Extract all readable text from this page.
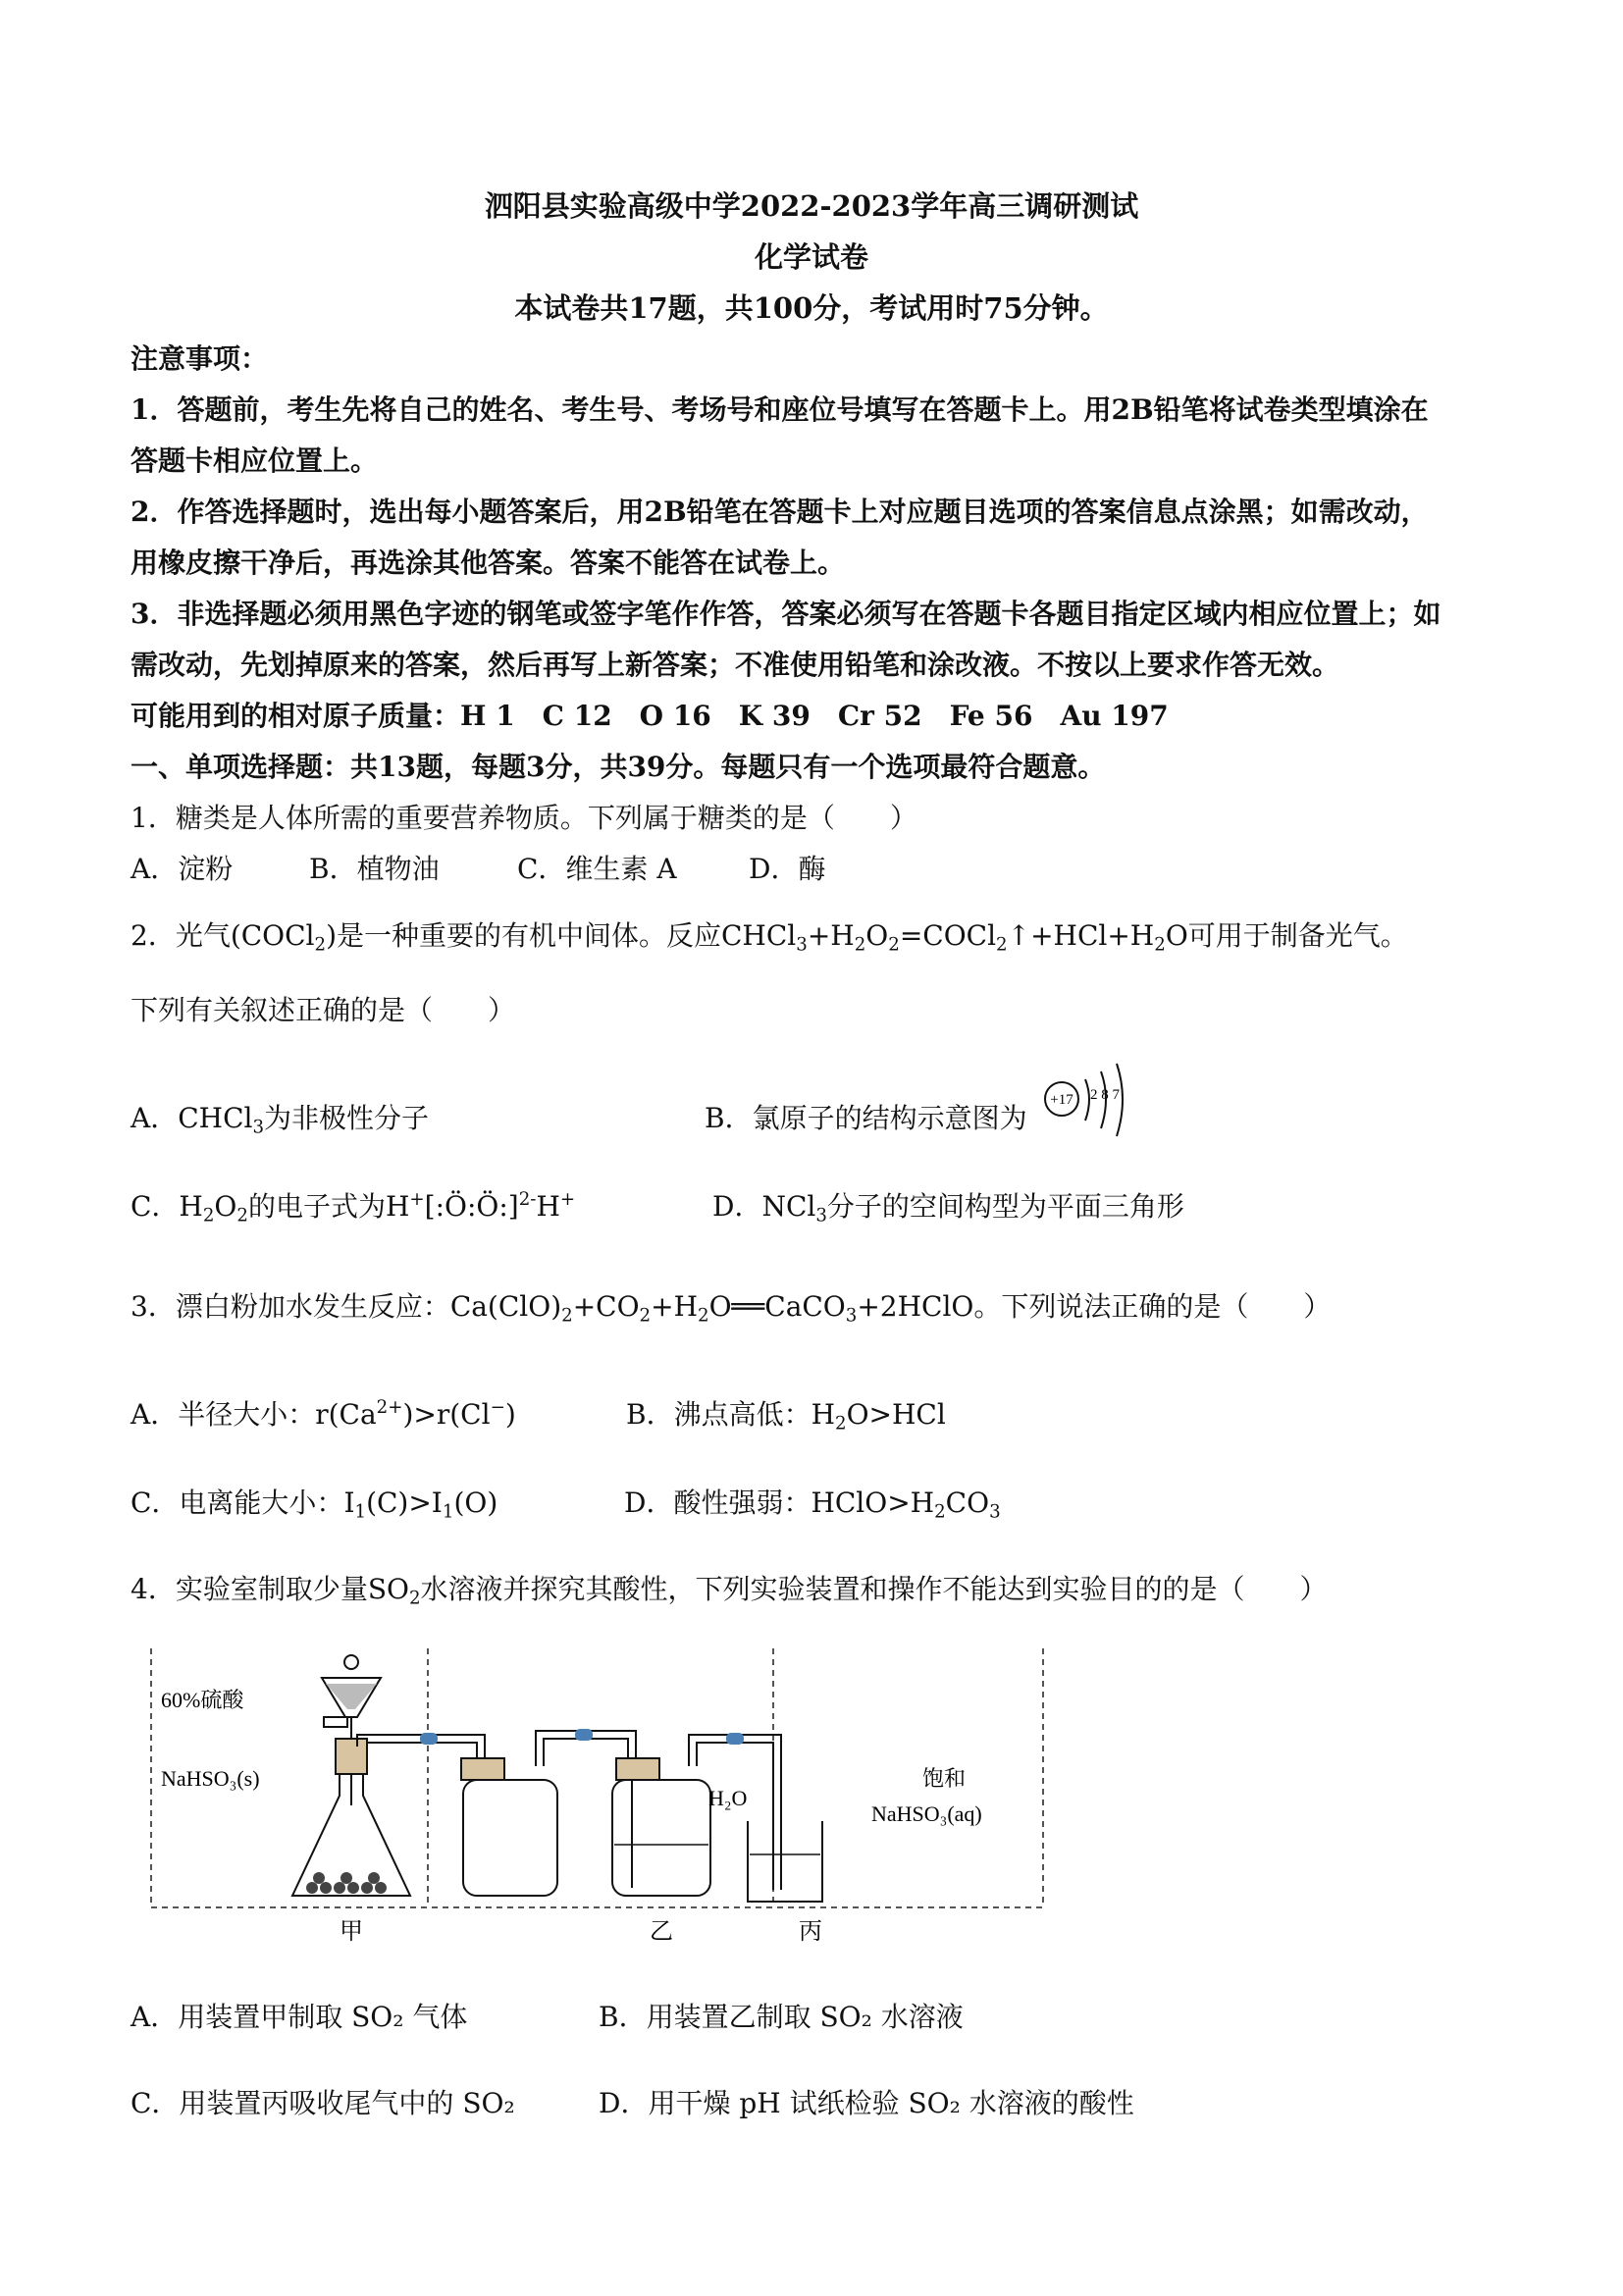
泗阳县实验高级中学2022-2023学年高三调研测试
化学试卷
本试卷共17题，共100分，考试用时75分钟。
注意事项：
1．答题前，考生先将自己的姓名、考生号、考场号和座位号填写在答题卡上。用2B铅笔将试卷类型填涂在
答题卡相应位置上。
2．作答选择题时，选出每小题答案后，用2B铅笔在答题卡上对应题目选项的答案信息点涂黑；如需改动，
用橡皮擦干净后，再选涂其他答案。答案不能答在试卷上。
3．非选择题必须用黑色字迹的钢笔或签字笔作作答，答案必须写在答题卡各题目指定区域内相应位置上；如
需改动，先划掉原来的答案，然后再写上新答案；不准使用铅笔和涂改液。不按以上要求作答无效。
可能用到的相对原子质量：H 1　C 12　O 16　K 39　Cr 52　Fe 56　Au 197
一、单项选择题：共13题，每题3分，共39分。每题只有一个选项最符合题意。
1．糖类是人体所需的重要营养物质。下列属于糖类的是（　　）
A．淀粉	B．植物油	C．维生素 A	D．酶
2．光气(COCl$_2$)是一种重要的有机中间体。反应$CHCl_3+H_2O_2=COCl_2↑+HCl+H_2O$可用于制备光气。
下列有关叙述正确的是（　　）
A．CHCl$_3$为非极性分子	B．氯原子的结构示意图为
+17 2 8 7
C．$H_2O_2$的电子式为H+[:Ö:Ö:]$^{2-}$H+	D．NCl$_3$分子的空间构型为平面三角形
3．漂白粉加水发生反应：$Ca(ClO)_2+CO_2+H_2O══CaCO_3+2HClO$。下列说法正确的是（　　）
A．半径大小：$r(Ca^{2+})>r(Cl^-)$	B．沸点高低：$H_2O>HCl$
C．电离能大小：$I_1(C)>I_1(O)$	D．酸性强弱：$HClO>H_2CO_3$
4．实验室制取少量$SO_2$水溶液并探究其酸性，下列实验装置和操作不能达到实验目的的是（　　）
60%硫酸
NaHSO₃(s)
H₂O
饱和
NaHSO₃(aq)
甲	乙	丙
A．用装置甲制取 SO₂ 气体	B．用装置乙制取 SO₂ 水溶液
C．用装置丙吸收尾气中的 SO₂	D．用干燥 pH 试纸检验 SO₂ 水溶液的酸性
